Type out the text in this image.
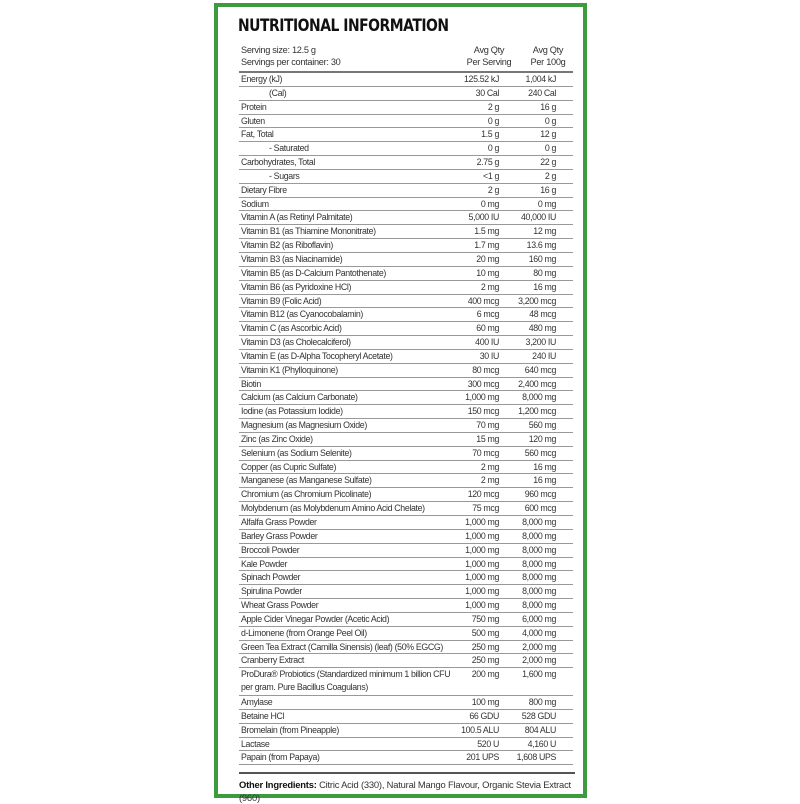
NUTRITIONAL INFORMATION
Serving size: 12.5 g
Servings per container: 30
Avg Qty
Per Serving
Avg Qty
Per 100g
Energy (kJ)	125.52 kJ	1,004 kJ
(Cal)	30 Cal	240 Cal
Protein	2 g	16 g
Gluten	0 g	0 g
Fat, Total	1.5 g	12 g
- Saturated	0 g	0 g
Carbohydrates, Total	2.75 g	22 g
- Sugars	<1 g	2 g
Dietary Fibre	2 g	16 g
Sodium	0 mg	0 mg
Vitamin A (as Retinyl Palmitate)	5,000 IU	40,000 IU
Vitamin B1 (as Thiamine Mononitrate)	1.5 mg	12 mg
Vitamin B2 (as Riboflavin)	1.7 mg	13.6 mg
Vitamin B3 (as Niacinamide)	20 mg	160 mg
Vitamin B5 (as D-Calcium Pantothenate)	10 mg	80 mg
Vitamin B6 (as Pyridoxine HCl)	2 mg	16 mg
Vitamin B9 (Folic Acid)	400 mcg 3,200 mcg
Vitamin B12 (as Cyanocobalamin)	6 mcg	48 mcg
Vitamin C (as Ascorbic Acid)	60 mg	480 mg
Vitamin D3 (as Cholecalciferol)	400 IU	3,200 IU
Vitamin E (as D-Alpha Tocopheryl Acetate)	30 IU	240 IU
Vitamin K1 (Phylloquinone)	80 mcg	640 mcg
Biotin	300 mcg 2,400 mcg
Calcium (as Calcium Carbonate)	1,000 mg	8,000 mg
Iodine (as Potassium Iodide)	150 mcg 1,200 mcg
Magnesium (as Magnesium Oxide)	70 mg	560 mg
Zinc (as Zinc Oxide)	15 mg	120 mg
Selenium (as Sodium Selenite)	70 mcg	560 mcg
Copper (as Cupric Sulfate)	2 mg	16 mg
Manganese (as Manganese Sulfate)	2 mg	16 mg
Chromium (as Chromium Picolinate)	120 mcg	960 mcg
Molybdenum (as Molybdenum Amino Acid Chelate)	75 mcg	600 mcg
Alfalfa Grass Powder	1,000 mg	8,000 mg
Barley Grass Powder	1,000 mg	8,000 mg
Broccoli Powder	1,000 mg	8,000 mg
Kale Powder	1,000 mg	8,000 mg
Spinach Powder	1,000 mg	8,000 mg
Spirulina Powder	1,000 mg	8,000 mg
Wheat Grass Powder	1,000 mg	8,000 mg
Apple Cider Vinegar Powder (Acetic Acid)	750 mg	6,000 mg
d-Limonene (from Orange Peel Oil)	500 mg	4,000 mg
Green Tea Extract (Camilla Sinensis) (leaf) (50% EGCG)	250 mg	2,000 mg
Cranberry Extract	250 mg	2,000 mg
ProDura® Probiotics (Standardized minimum 1 billion CFU per gram. Pure Bacillus Coagulans)
200 mg	1,600 mg
Amylase	100 mg	800 mg
Betaine HCl	66 GDU	528 GDU
Bromelain (from Pineapple)	100.5 ALU	804 ALU
Lactase	520 U	4,160 U
Papain (from Papaya)	201 UPS 1,608 UPS
Other Ingredients: Citric Acid (330), Natural Mango Flavour, Organic Stevia Extract (960)
